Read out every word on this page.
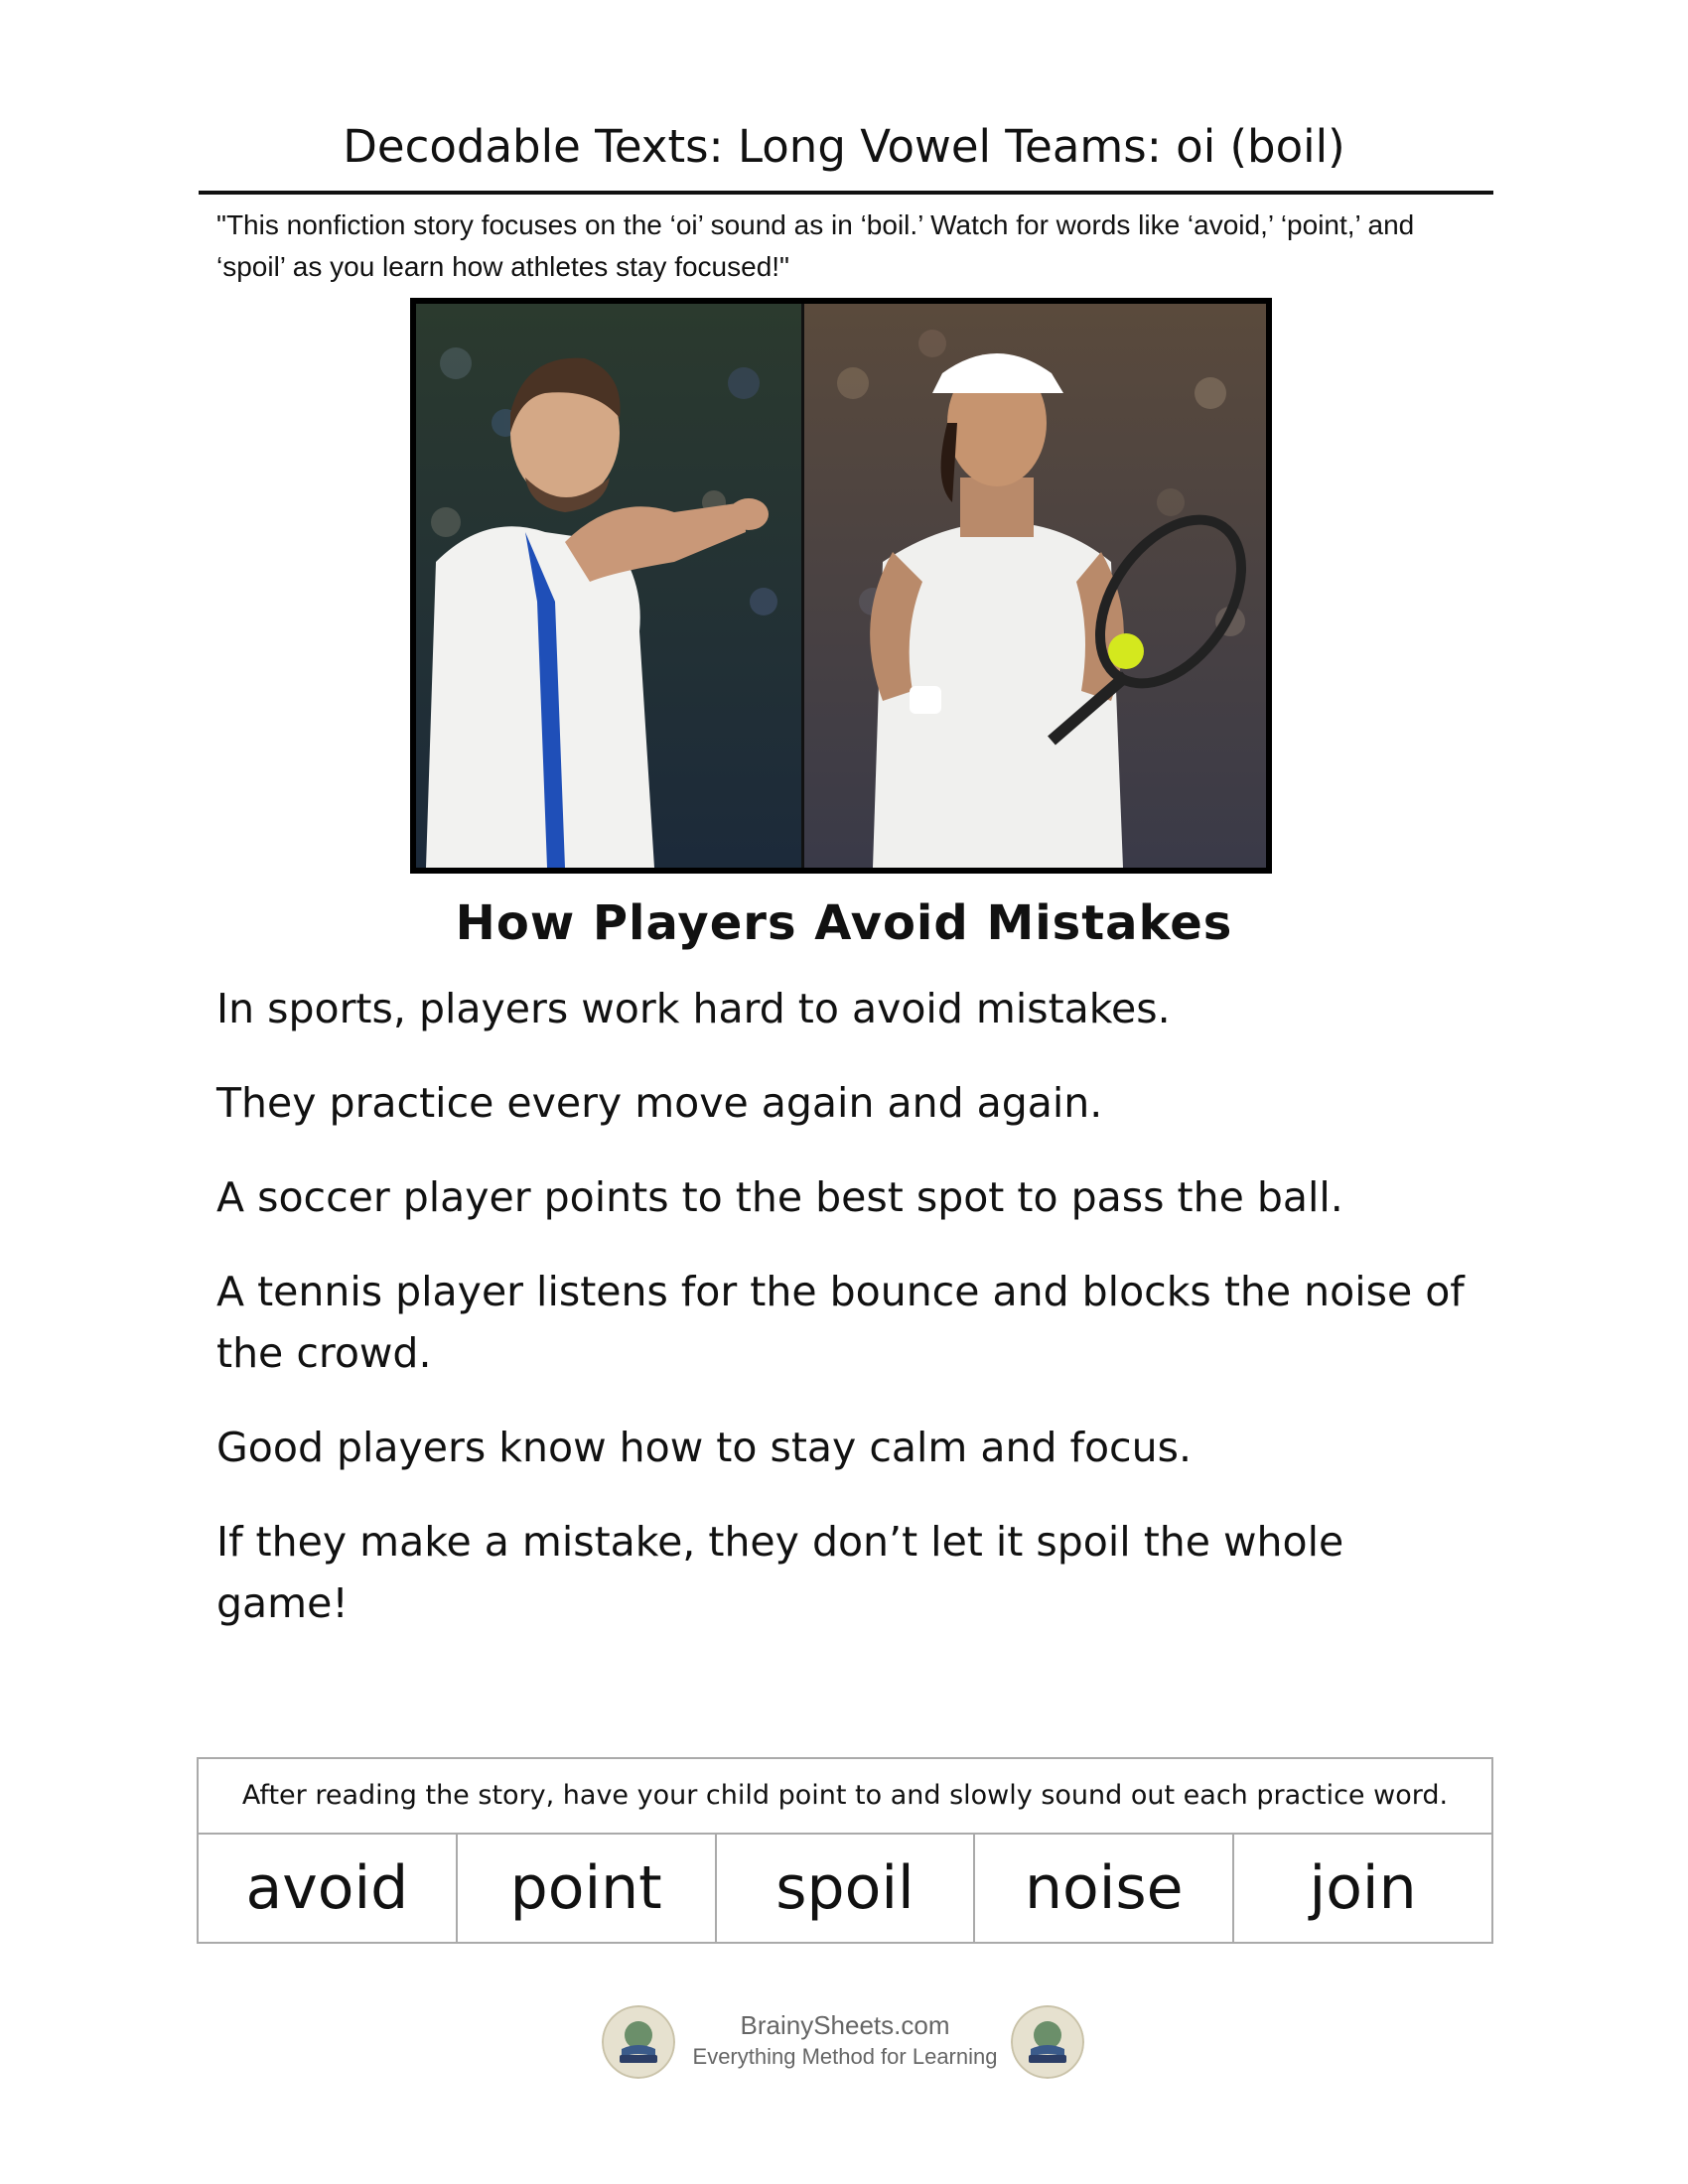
Decodable Texts: Long Vowel Teams: oi (boil)
"This nonfiction story focuses on the ‘oi’ sound as in ‘boil.’ Watch for words like ‘avoid,’ ‘point,’ and ‘spoil’ as you learn how athletes stay focused!"
How Players Avoid Mistakes

In sports, players work hard to avoid mistakes.

They practice every move again and again.

A soccer player points to the best spot to pass the ball.

A tennis player listens for the bounce and blocks the noise of the crowd.

Good players know how to stay calm and focus.

If they make a mistake, they don’t let it spoil the whole game!

After reading the story, have your child point to and slowly sound out each practice word.
avoid	point	spoil	noise	join
BrainySheets.com
Everything Method for Learning
